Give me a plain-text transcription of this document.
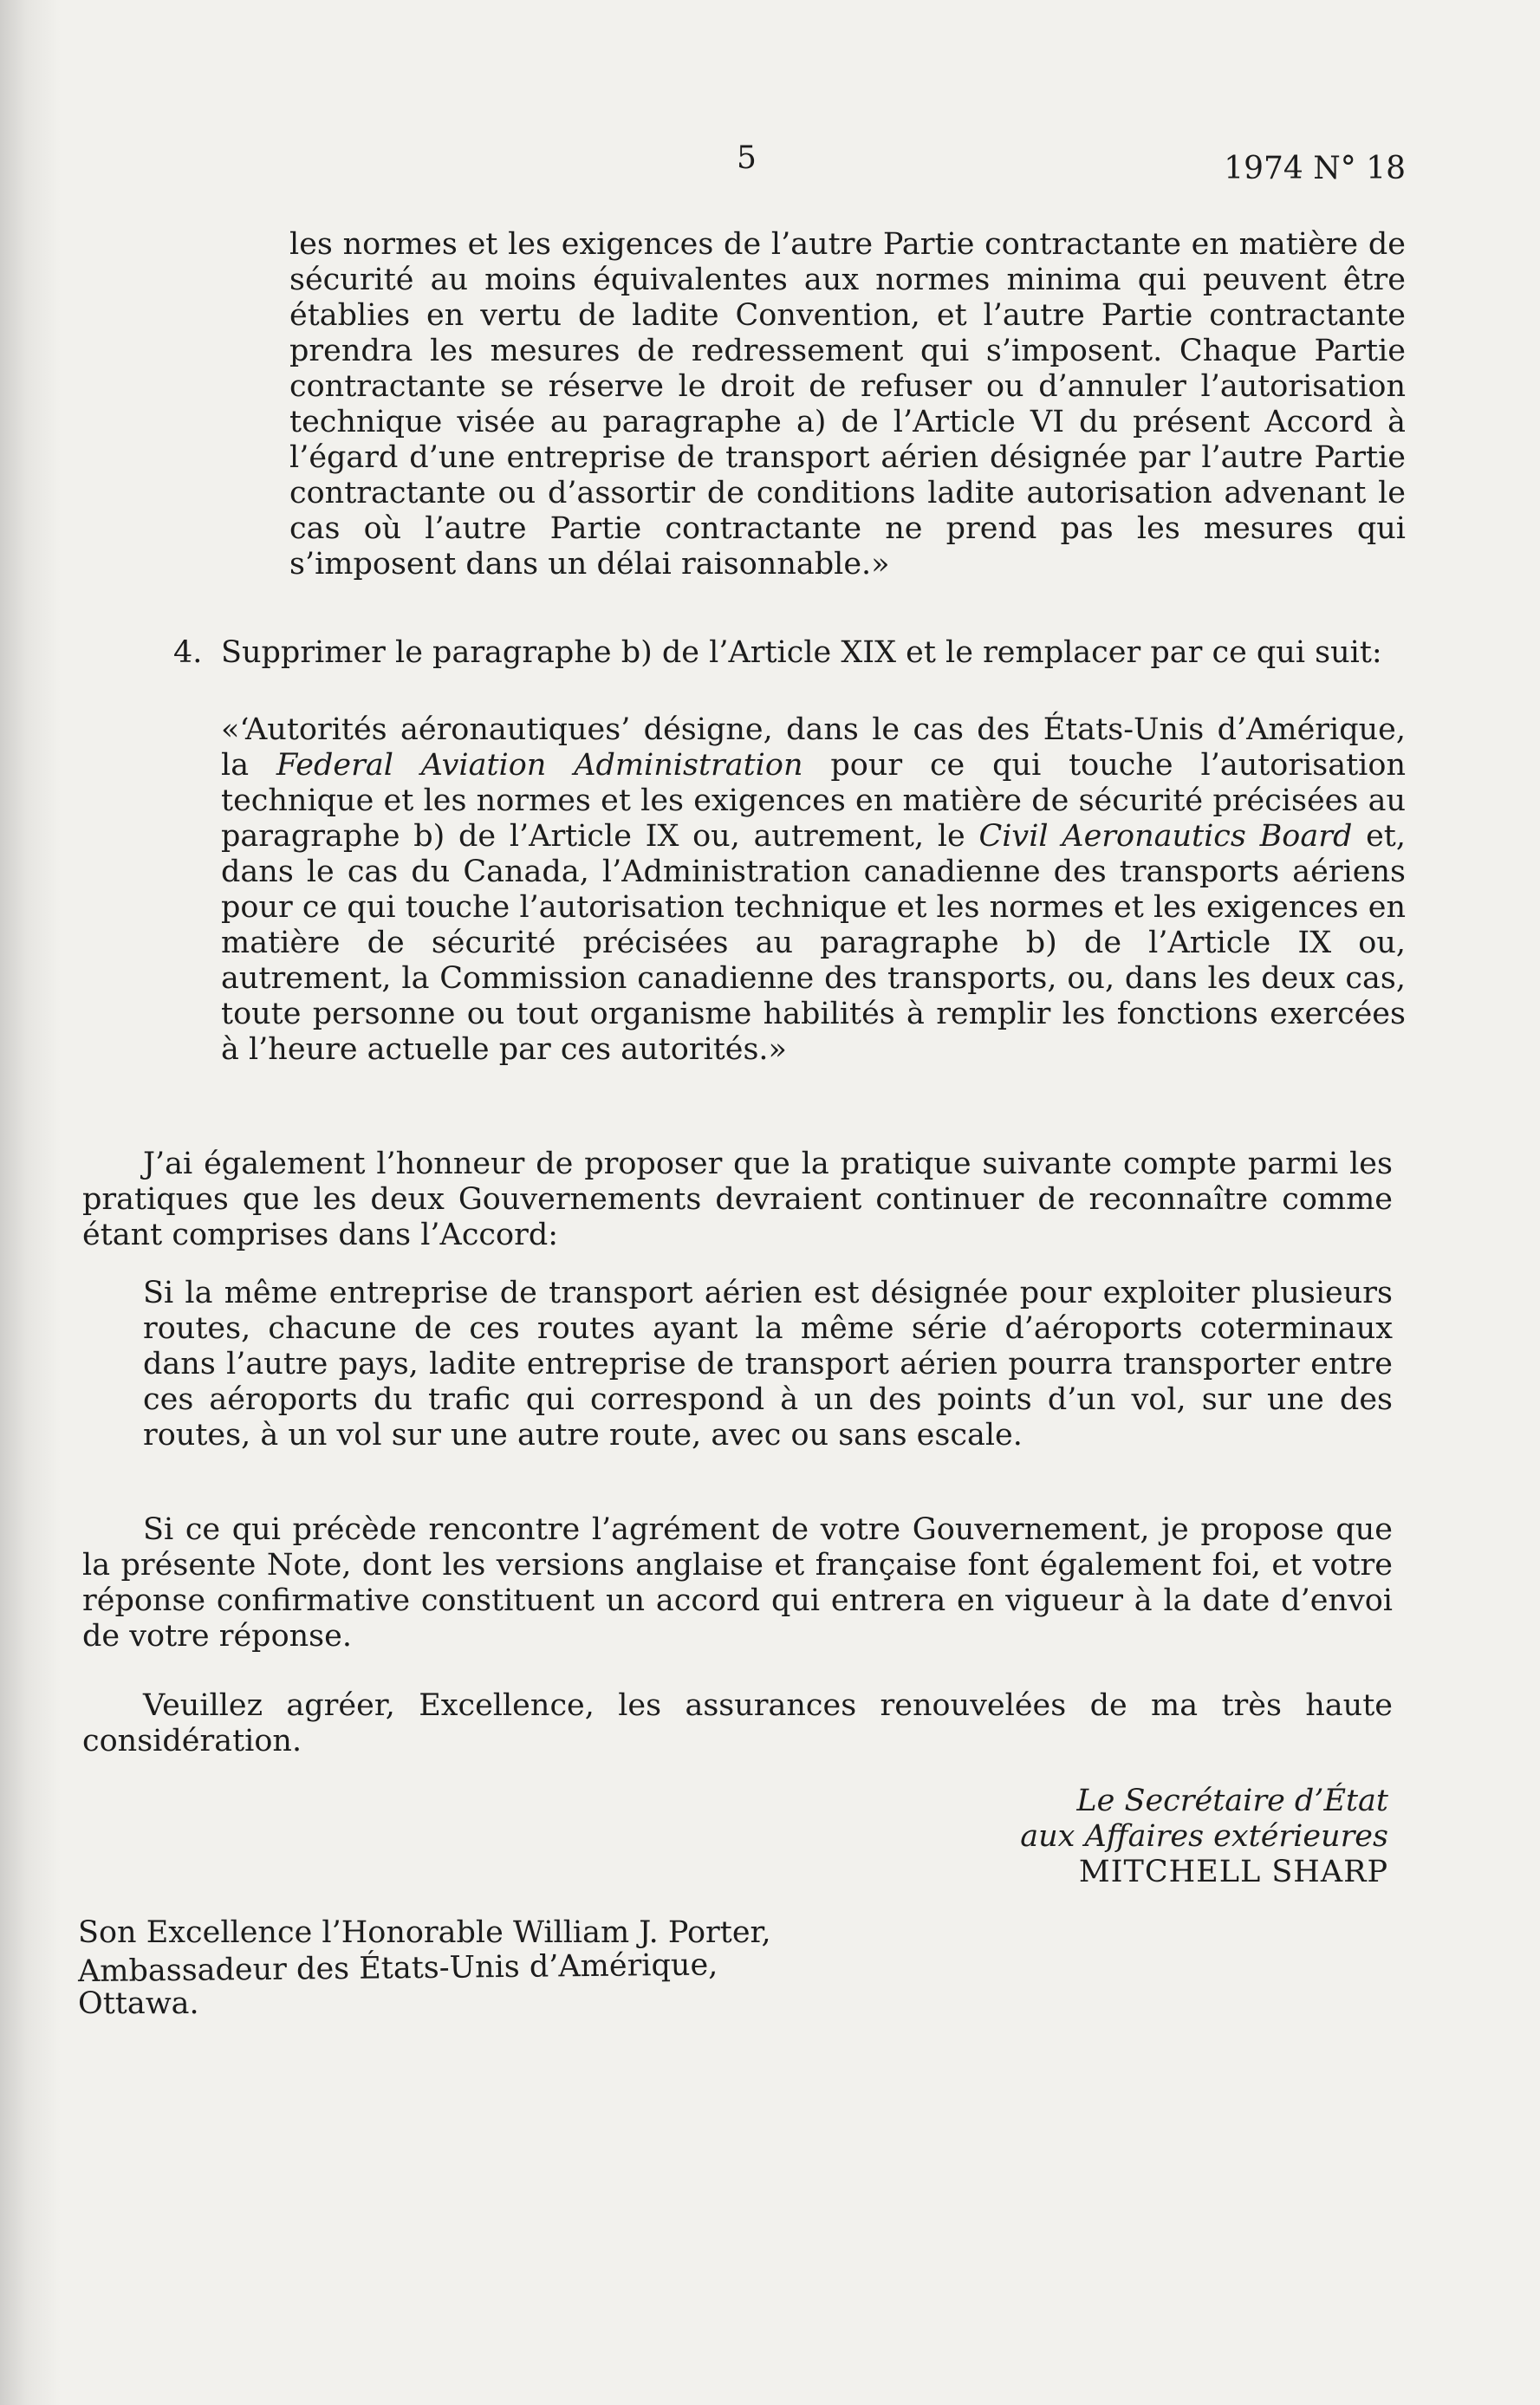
5	1974 N° 18

les normes et les exigences de l’autre Partie contractante en matière de sécurité au moins équivalentes aux normes minima qui peuvent être établies en vertu de ladite Convention, et l’autre Partie contractante prendra les mesures de redressement qui s’imposent. Chaque Partie contractante se réserve le droit de refuser ou d’annuler l’autorisation technique visée au paragraphe a) de l’Article VI du présent Accord à l’égard d’une entreprise de transport aérien désignée par l’autre Partie contractante ou d’assortir de conditions ladite autorisation advenant le cas où l’autre Partie contractante ne prend pas les mesures qui s’imposent dans un délai raisonnable.»

4. Supprimer le paragraphe b) de l’Article XIX et le remplacer par ce qui suit:

«‘Autorités aéronautiques’ désigne, dans le cas des États-Unis d’Amérique, la Federal Aviation Administration pour ce qui touche l’autorisation technique et les normes et les exigences en matière de sécurité précisées au paragraphe b) de l’Article IX ou, autrement, le Civil Aeronautics Board et, dans le cas du Canada, l’Administration canadienne des transports aériens pour ce qui touche l’autorisation technique et les normes et les exigences en matière de sécurité précisées au paragraphe b) de l’Article IX ou, autrement, la Commission canadienne des transports, ou, dans les deux cas, toute personne ou tout organisme habilités à remplir les fonctions exercées à l’heure actuelle par ces autorités.»

J’ai également l’honneur de proposer que la pratique suivante compte parmi les pratiques que les deux Gouvernements devraient continuer de reconnaître comme étant comprises dans l’Accord:

Si la même entreprise de transport aérien est désignée pour exploiter plusieurs routes, chacune de ces routes ayant la même série d’aéroports coterminaux dans l’autre pays, ladite entreprise de transport aérien pourra transporter entre ces aéroports du trafic qui correspond à un des points d’un vol, sur une des routes, à un vol sur une autre route, avec ou sans escale.

Si ce qui précède rencontre l’agrément de votre Gouvernement, je propose que la présente Note, dont les versions anglaise et française font également foi, et votre réponse confirmative constituent un accord qui entrera en vigueur à la date d’envoi de votre réponse.

Veuillez agréer, Excellence, les assurances renouvelées de ma très haute considération.

Le Secrétaire d’État
aux Affaires extérieures
MITCHELL SHARP
Son Excellence l’Honorable William J. Porter,
Ambassadeur des États-Unis d’Amérique,
Ottawa.
